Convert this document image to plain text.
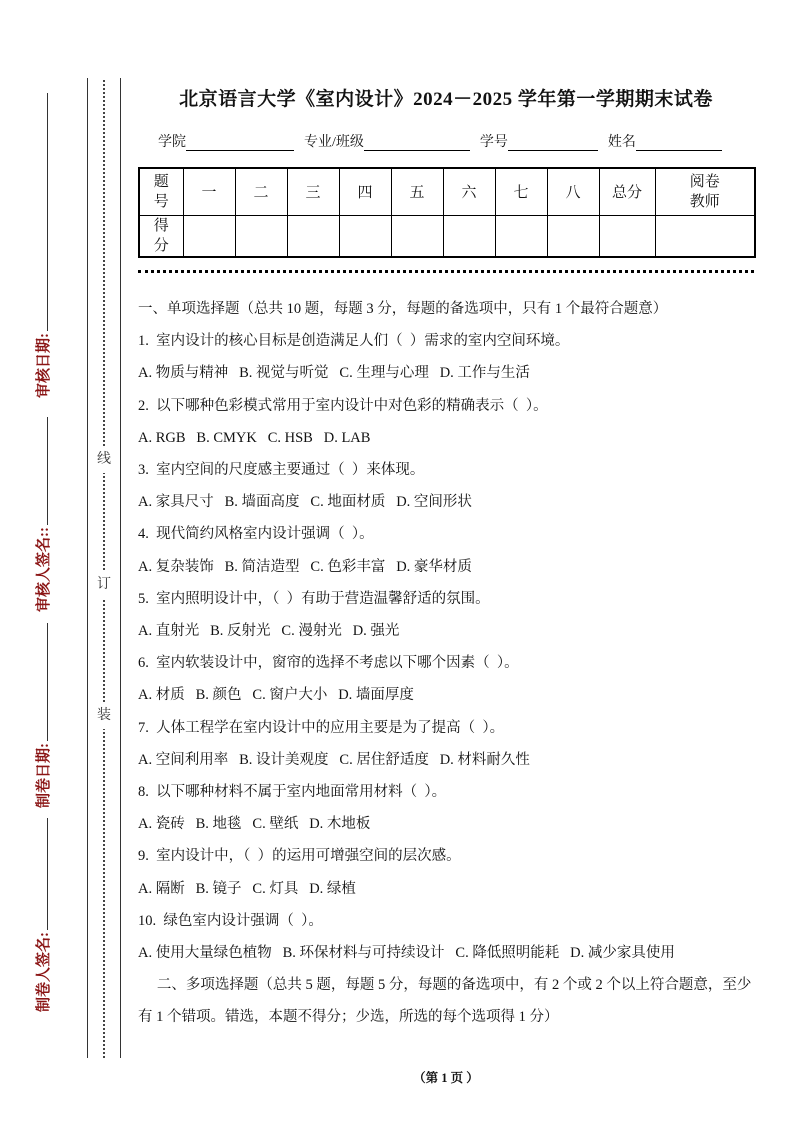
审核日期:
审核人签名::
制卷日期:
制卷人签名:
线
订
装
北京语言大学《室内设计》2024－2025 学年第一学期期末试卷
学院	专业/班级	学号	姓名
题号	一	二	三	四	五	六	七	八	总分	阅卷教师
得分										

一、单项选择题（总共 10 题，每题 3 分，每题的备选项中，只有 1 个最符合题意）

1.  室内设计的核心目标是创造满足人们（  ）需求的室内空间环境。

A. 物质与精神   B. 视觉与听觉   C. 生理与心理   D. 工作与生活

2.  以下哪种色彩模式常用于室内设计中对色彩的精确表示（  ）。

A. RGB   B. CMYK   C. HSB   D. LAB

3.  室内空间的尺度感主要通过（  ）来体现。

A. 家具尺寸   B. 墙面高度   C. 地面材质   D. 空间形状

4.  现代简约风格室内设计强调（  ）。

A. 复杂装饰   B. 简洁造型   C. 色彩丰富   D. 豪华材质

5.  室内照明设计中，（  ）有助于营造温馨舒适的氛围。

A. 直射光   B. 反射光   C. 漫射光   D. 强光

6.  室内软装设计中，窗帘的选择不考虑以下哪个因素（  ）。

A. 材质   B. 颜色   C. 窗户大小   D. 墙面厚度

7.  人体工程学在室内设计中的应用主要是为了提高（  ）。

A. 空间利用率   B. 设计美观度   C. 居住舒适度   D. 材料耐久性

8.  以下哪种材料不属于室内地面常用材料（  ）。

A. 瓷砖   B. 地毯   C. 壁纸   D. 木地板

9.  室内设计中，（  ）的运用可增强空间的层次感。

A. 隔断   B. 镜子   C. 灯具   D. 绿植

10.  绿色室内设计强调（  ）。

A. 使用大量绿色植物   B. 环保材料与可持续设计   C. 降低照明能耗   D. 减少家具使用

二、多项选择题（总共 5 题，每题 5 分，每题的备选项中，有 2 个或 2 个以上符合题意，至少有 1 个错项。错选，本题不得分；少选，所选的每个选项得 1 分）

（第 1 页 ）
